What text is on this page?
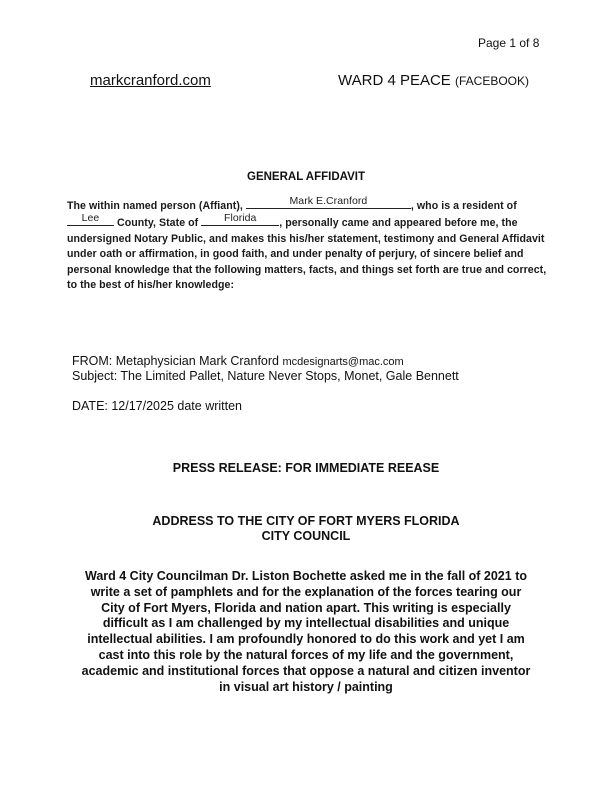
Page 1 of 8
markcranford.com	WARD 4 PEACE (FACEBOOK)
GENERAL AFFIDAVIT
The within named person (Affiant),	Mark E.Cranford	, who is a resident of
Lee	County, State of	Florida	, personally came and appeared before me, the undersigned Notary Public, and makes this his/her statement, testimony and General Affidavit under oath or affirmation, in good faith, and under penalty of perjury, of sincere belief and personal knowledge that the following matters, facts, and things set forth are true and correct, to the best of his/her knowledge:
FROM: Metaphysician Mark Cranford mcdesignarts@mac.com
Subject: The Limited Pallet, Nature Never Stops, Monet, Gale Bennett
DATE: 12/17/2025 date written
PRESS RELEASE: FOR IMMEDIATE REEASE
ADDRESS TO THE CITY OF FORT MYERS FLORIDA
CITY COUNCIL
Ward 4 City Councilman Dr. Liston Bochette asked me in the fall of 2021 to write a set of pamphlets and for the explanation of the forces tearing our City of Fort Myers, Florida and nation apart. This writing is especially difficult as I am challenged by my intellectual disabilities and unique intellectual abilities. I am profoundly honored to do this work and yet I am cast into this role by the natural forces of my life and the government, academic and institutional forces that oppose a natural and citizen inventor in visual art history / painting
